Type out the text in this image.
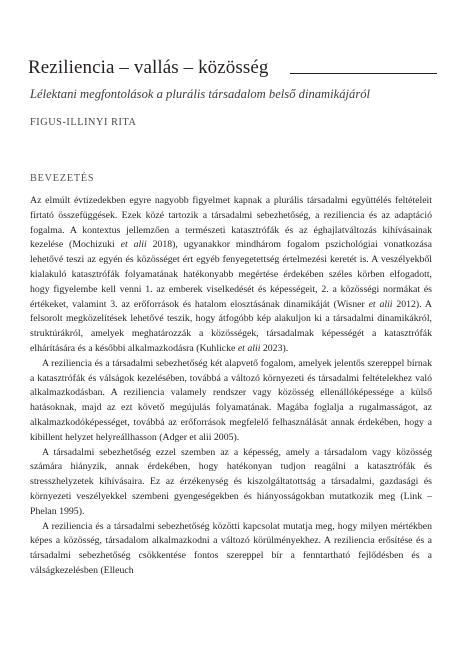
Reziliencia – vallás – közösség
Lélektani megfontolások a plurális társadalom belső dinamikájáról
FIGUS-ILLINYI RITA
BEVEZETÉS

Az elmúlt évtizedekben egyre nagyobb figyelmet kapnak a plurális társadalmi együttélés feltételeit firtató összefüggések. Ezek közé tartozik a társadalmi sebezhetőség, a reziliencia és az adaptáció fogalma. A kontextus jellemzően a természeti katasztrófák és az éghajlatváltozás kihívásainak kezelése (Mochizuki et alii 2018), ugyanakkor mindhárom fogalom pszichológiai vonatkozása lehetővé teszi az egyén és közösséget ért egyéb fenyegetettség értelmezési keretét is. A veszélyekből kialakuló katasztrófák folyamatának hatékonyabb megértése érdekében széles körben elfogadott, hogy figyelembe kell venni 1. az emberek viselkedését és képességeit, 2. a közösségi normákat és értékeket, valamint 3. az erőforrások és hatalom elosztásának dinamikáját (Wisner et alii 2012). A felsorolt megközelítések lehetővé teszik, hogy átfogóbb kép alakuljon ki a társadalmi dinamikákról, struktúrákról, amelyek meghatározzák a közösségek, társadalmak képességét a katasztrófák elhárítására és a későbbi alkalmazkodásra (Kuhlicke et alii 2023).

A reziliencia és a társadalmi sebezhetőség két alapvető fogalom, amelyek jelentős szereppel bírnak a katasztrófák és válságok kezelésében, továbbá a változó környezeti és társadalmi feltételekhez való alkalmazkodásban. A reziliencia valamely rendszer vagy közösség ellenállóképessége a külső hatásoknak, majd az ezt követő megújulás folyamatának. Magába foglalja a rugalmasságot, az alkalmazkodóképességet, továbbá az erőforrások megfelelő felhasználását annak érdekében, hogy a kibillent helyzet helyreállhasson (Adger et alii 2005).

A társadalmi sebezhetőség ezzel szemben az a képesség, amely a társadalom vagy közösség számára hiányzik, annak érdekében, hogy hatékonyan tudjon reagálni a katasztrófák és stresszhelyzetek kihívásaira. Ez az érzékenység és kiszolgáltatottság a társadalmi, gazdasági és környezeti veszélyekkel szembeni gyengeségekben és hiányosságokban mutatkozik meg (Link – Phelan 1995).

A reziliencia és a társadalmi sebezhetőség közötti kapcsolat mutatja meg, hogy milyen mértékben képes a közösség, társadalom alkalmazkodni a változó körülményekhez. A reziliencia erősítése és a társadalmi sebezhetőség csökkentése fontos szereppel bír a fenntartható fejlődésben és a válságkezelésben (Elleuch
